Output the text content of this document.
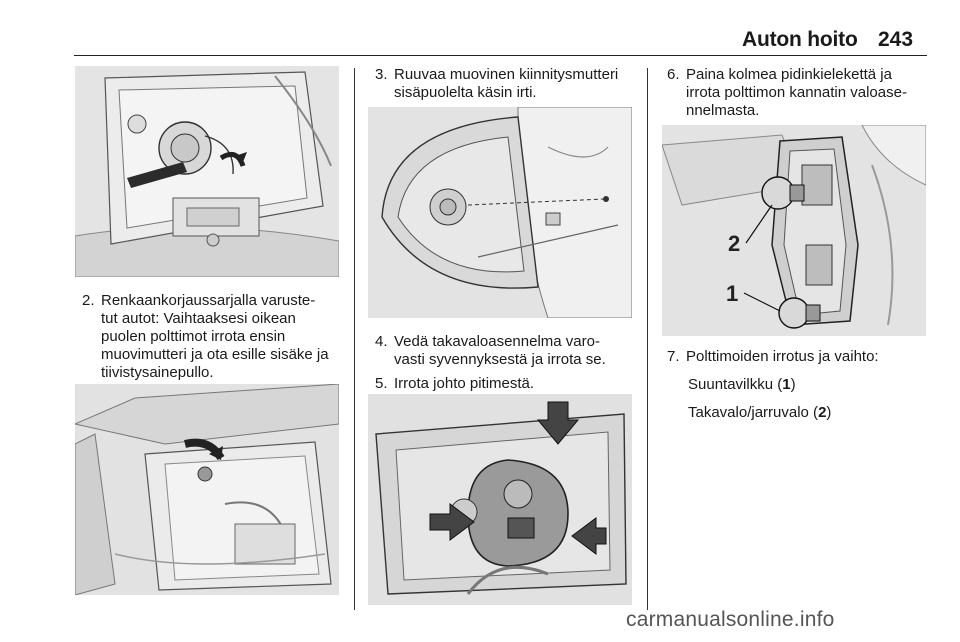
Auton hoito 243
2. Renkaankorjaussarjalla varuste-
tut autot: Vaihtaaksesi oikean
puolen polttimot irrota ensin
muovimutteri ja ota esille sisäke ja
tiivistysainepullo.
3. Ruuvaa muovinen kiinnitysmutteri
sisäpuolelta käsin irti.
4. Vedä takavaloasennelma varo-
vasti syvennyksestä ja irrota se.
5. Irrota johto pitimestä.
6. Paina kolmea pidinkielekettä ja
irrota polttimon kannatin valoase-
nnelmasta.
2
1
7. Polttimoiden irrotus ja vaihto:
Suuntavilkku (1)
Takavalo/jarruvalo (2)
carmanualsonline.info
